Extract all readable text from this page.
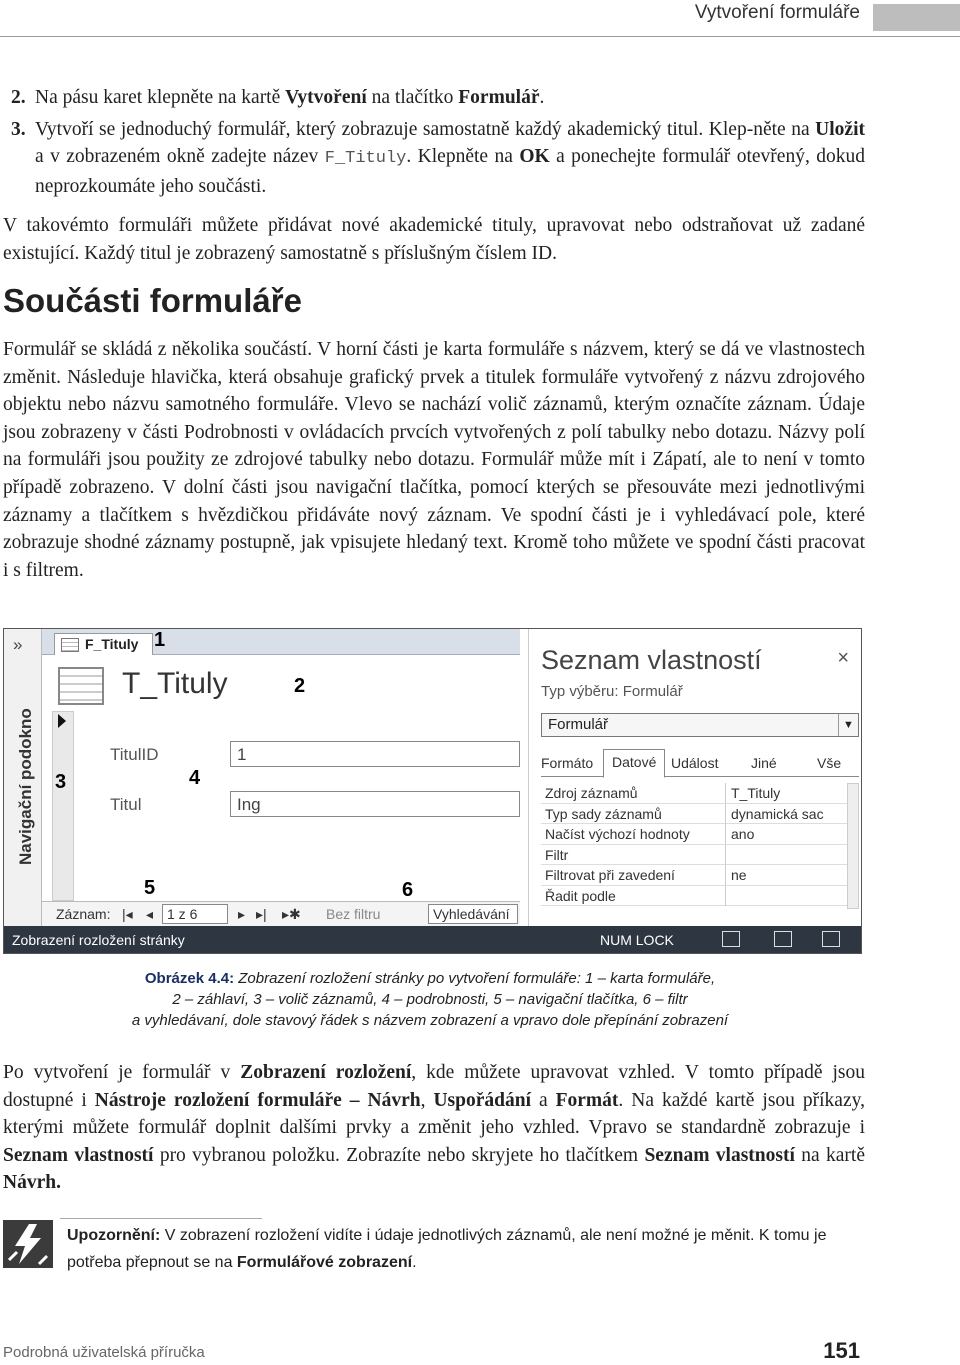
Vytvoření formuláře
2. Na pásu karet klepněte na kartě Vytvoření na tlačítko Formulář.
3. Vytvoří se jednoduchý formulář, který zobrazuje samostatně každý akademický titul. Klep-něte na Uložit a v zobrazeném okně zadejte název F_Tituly. Klepněte na OK a ponechejte formulář otevřený, dokud neprozkoumáte jeho součásti.

V takovémto formuláři můžete přidávat nové akademické tituly, upravovat nebo odstraňovat už zadané existující. Každý titul je zobrazený samostatně s příslušným číslem ID.

Součásti formuláře

Formulář se skládá z několika součástí. V horní části je karta formuláře s názvem, který se dá ve vlastnostech změnit. Následuje hlavička, která obsahuje grafický prvek a titulek formuláře vytvořený z názvu zdrojového objektu nebo názvu samotného formuláře. Vlevo se nachází volič záznamů, kterým označíte záznam. Údaje jsou zobrazeny v části Podrobnosti v ovládacích prvcích vytvořených z polí tabulky nebo dotazu. Názvy polí na formuláři jsou použity ze zdrojové tabulky nebo dotazu. Formulář může mít i Zápatí, ale to není v tomto případě zobrazeno. V dolní části jsou navigační tlačítka, pomocí kterých se přesouváte mezi jednotlivými záznamy a tlačítkem s hvězdičkou přidáváte nový záznam. Ve spodní části je i vyhledávací pole, které zobrazuje shodné záznamy postupně, jak vpisujete hledaný text. Kromě toho můžete ve spodní části pracovat i s filtrem.

»
Navigační podokno
F_Tituly 1
T_Tituly	2
3	4
TitulID	1
Titul	Ing
5	6
Záznam: |◂ ◂ 1 z 6	▸ ▸| ▸✱ Bez filtru	Vyhledávání
Seznam vlastností	×
Typ výběru: Formulář
Formulář	▼
Formáto	Datové	Událost Jiné	Vše
Zdroj záznamů	T_Tituly
Typ sady záznamů	dynamická sac
Načíst výchozí hodnoty	ano
Filtr
Filtrovat při zavedení	ne
Řadit podle
Zobrazení rozložení stránky	NUM LOCK
Obrázek 4.4: Zobrazení rozložení stránky po vytvoření formuláře: 1 – karta formuláře,
2 – záhlaví, 3 – volič záznamů, 4 – podrobnosti, 5 – navigační tlačítka, 6 – filtr
a vyhledávaní, dole stavový řádek s názvem zobrazení a vpravo dole přepínání zobrazení

Po vytvoření je formulář v Zobrazení rozložení, kde můžete upravovat vzhled. V tomto případě jsou dostupné i Nástroje rozložení formuláře – Návrh, Uspořádání a Formát. Na každé kartě jsou příkazy, kterými můžete formulář doplnit dalšími prvky a změnit jeho vzhled. Vpravo se standardně zobrazuje i Seznam vlastností pro vybranou položku. Zobrazíte nebo skryjete ho tlačítkem Seznam vlastností na kartě Návrh.

Upozornění: V zobrazení rozložení vidíte i údaje jednotlivých záznamů, ale není možné je měnit. K tomu je potřeba přepnout se na Formulářové zobrazení.

Podrobná uživatelská příručka	151
